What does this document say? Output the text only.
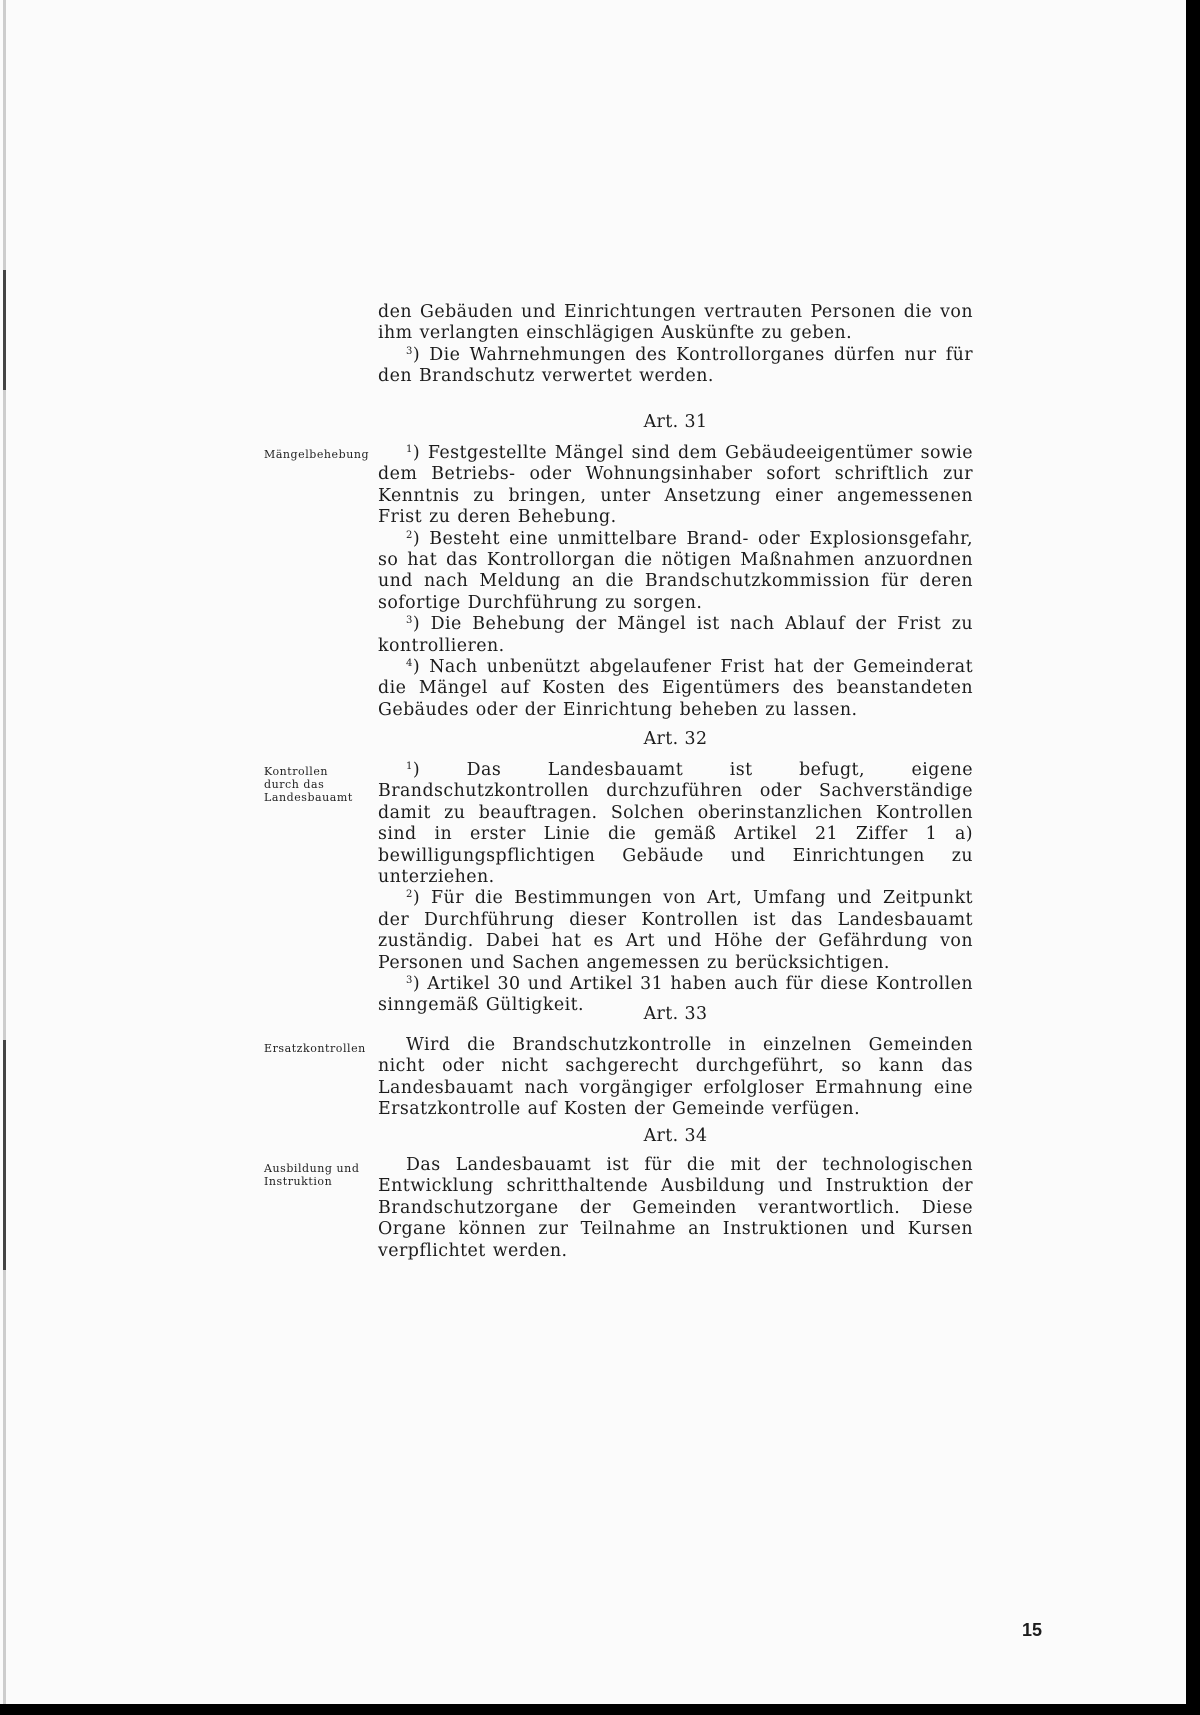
den Gebäuden und Einrichtungen vertrauten Personen die von ihm verlangten einschlägigen Auskünfte zu geben.

$^3$) Die Wahrnehmungen des Kontrollorganes dürfen nur für den Brandschutz verwertet werden.

Art. 31
Mängelbehebung	$^1$) Festgestellte Mängel sind dem Gebäudeeigentümer sowie dem Betriebs- oder Wohnungsinhaber sofort schriftlich zur Kenntnis zu bringen, unter Ansetzung einer angemessenen Frist zu deren Behebung.

$^2$) Besteht eine unmittelbare Brand- oder Explosionsgefahr, so hat das Kontrollorgan die nötigen Maßnahmen anzuordnen und nach Meldung an die Brandschutzkommission für deren sofortige Durchführung zu sorgen.

$^3$) Die Behebung der Mängel ist nach Ablauf der Frist zu kontrollieren.

$^4$) Nach unbenützt abgelaufener Frist hat der Gemeinderat die Mängel auf Kosten des Eigentümers des beanstandeten Gebäudes oder der Einrichtung beheben zu lassen.

Art. 32
Kontrollen
durch das
Landesbauamt

$^1$) Das Landesbauamt ist befugt, eigene Brandschutzkontrollen durchzuführen oder Sachverständige damit zu beauftragen. Solchen oberinstanzlichen Kontrollen sind in erster Linie die gemäß Artikel 21 Ziffer 1 a) bewilligungspflichtigen Gebäude und Einrichtungen zu unterziehen.

$^2$) Für die Bestimmungen von Art, Umfang und Zeitpunkt der Durchführung dieser Kontrollen ist das Landesbauamt zuständig. Dabei hat es Art und Höhe der Gefährdung von Personen und Sachen angemessen zu berücksichtigen.

$^3$) Artikel 30 und Artikel 31 haben auch für diese Kontrollen sinngemäß Gültigkeit.	Art. 33
Ersatzkontrollen	Wird die Brandschutzkontrolle in einzelnen Gemeinden nicht oder nicht sachgerecht durchgeführt, so kann das Landesbauamt nach vorgängiger erfolgloser Ermahnung eine Ersatzkontrolle auf Kosten der Gemeinde verfügen.

Art. 34
Ausbildung und
Instruktion

Das Landesbauamt ist für die mit der technologischen Entwicklung schritthaltende Ausbildung und Instruktion der Brandschutzorgane der Gemeinden verantwortlich. Diese Organe können zur Teilnahme an Instruktionen und Kursen verpflichtet werden.

15
